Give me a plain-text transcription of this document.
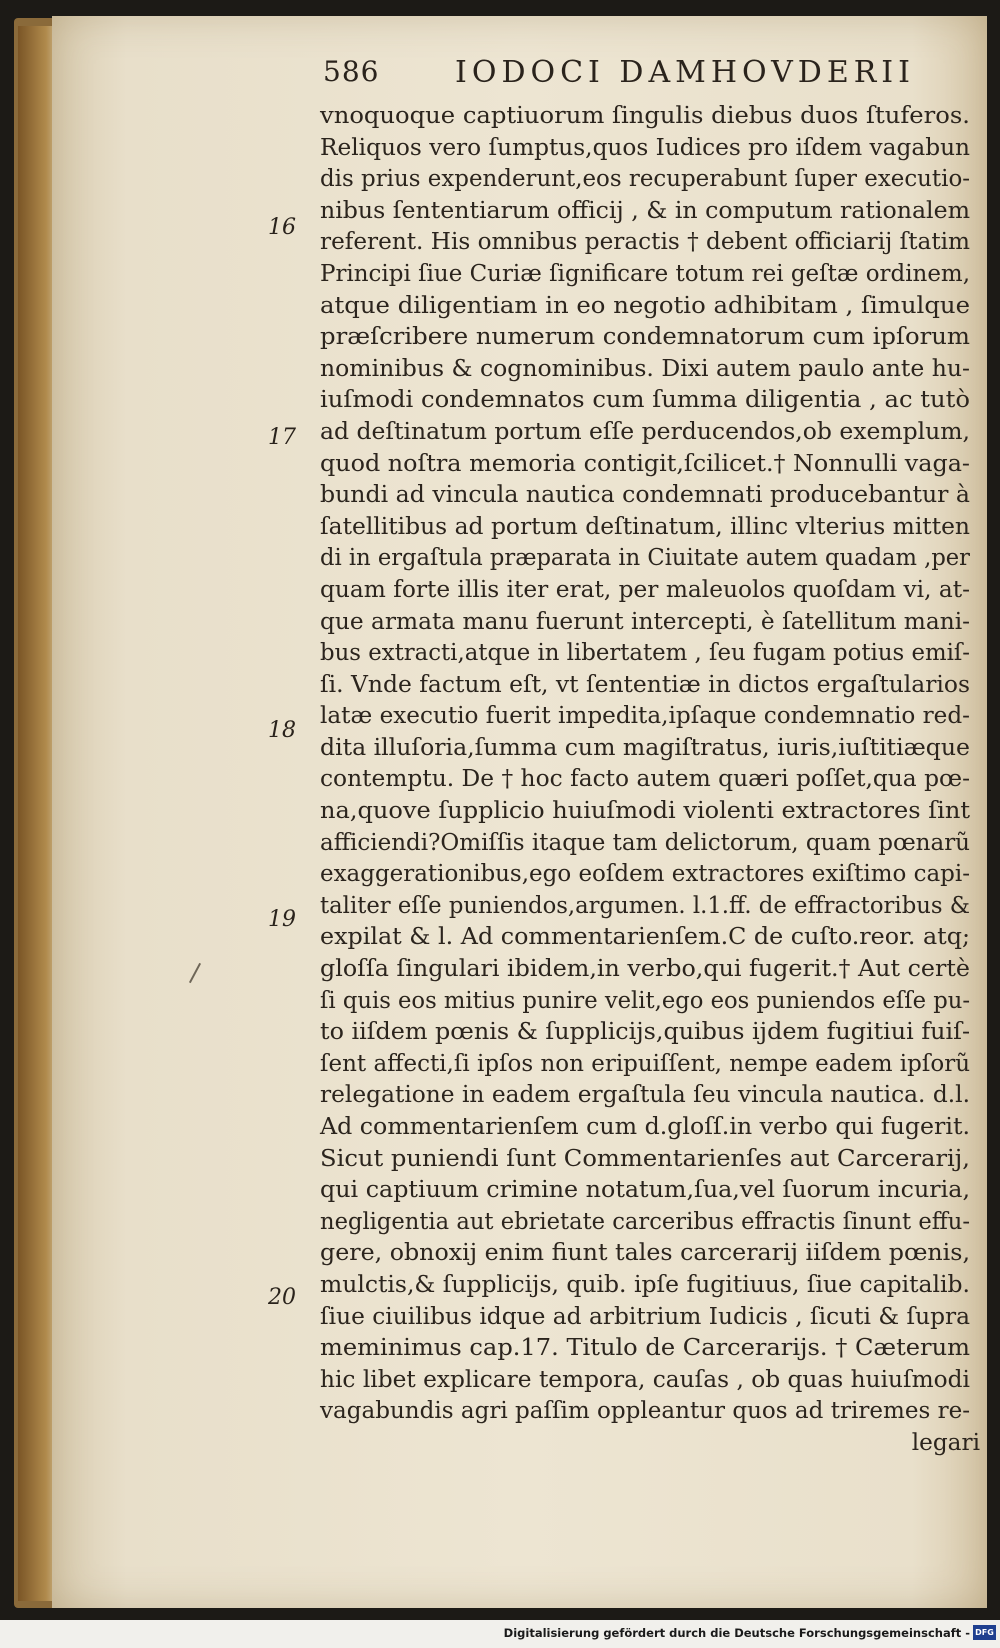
586	IODOCI DAMHOVDERII
16
17
18
19
20
vnoquoque captiuorum ſingulis diebus duos ſtuferos.
Reliquos vero ſumptus,quos Iudices pro iſdem vagabun
dis prius expenderunt,eos recuperabunt ſuper executio-
nibus ſententiarum officij , & in computum rationalem
referent. His omnibus peractis † debent officiarij ſtatim
Principi ſiue Curiæ ſignificare totum rei geſtæ ordinem,
atque diligentiam in eo negotio adhibitam , ſimulque
præſcribere numerum condemnatorum cum ipſorum
nominibus & cognominibus. Dixi autem paulo ante hu-
iuſmodi condemnatos cum ſumma diligentia , ac tutò
ad deſtinatum portum eſſe perducendos,ob exemplum,
quod noſtra memoria contigit,ſcilicet.† Nonnulli vaga-
bundi ad vincula nautica condemnati producebantur à
ſatellitibus ad portum deſtinatum, illinc vlterius mitten
di in ergaſtula præparata in Ciuitate autem quadam ,per
quam forte illis iter erat, per maleuolos quoſdam vi, at-
que armata manu fuerunt intercepti, è ſatellitum mani-
bus extracti,atque in libertatem , ſeu fugam potius emiſ-
ſi. Vnde factum eſt, vt ſententiæ in dictos ergaſtularios
latæ executio fuerit impedita,ipſaque condemnatio red-
dita illuſoria,ſumma cum magiſtratus, iuris,iuſtitiæque
contemptu. De † hoc facto autem quæri poſſet,qua pœ-
na,quove ſupplicio huiuſmodi violenti extractores ſint
afficiendi?Omiſſis itaque tam delictorum, quam pœnarũ
exaggerationibus,ego eoſdem extractores exiſtimo capi-
taliter eſſe puniendos,argumen. l.1.ff. de effractoribus &
expilat & l. Ad commentarienſem.C de cuſto.reor. atq;
gloſſa ſingulari ibidem,in verbo,qui fugerit.† Aut certè
ſi quis eos mitius punire velit,ego eos puniendos eſſe pu-
to iiſdem pœnis & ſupplicijs,quibus ijdem fugitiui fuiſ-
ſent affecti,ſi ipſos non eripuiſſent, nempe eadem ipſorũ
relegatione in eadem ergaſtula ſeu vincula nautica. d.l.
Ad commentarienſem cum d.gloſſ.in verbo qui fugerit.
Sicut puniendi ſunt Commentarienſes aut Carcerarij,
qui captiuum crimine notatum,ſua,vel ſuorum incuria,
negligentia aut ebrietate carceribus effractis ſinunt effu-
gere, obnoxij enim fiunt tales carcerarij iiſdem pœnis,
mulctis,& ſupplicijs, quib. ipſe fugitiuus, ſiue capitalib.
ſiue ciuilibus idque ad arbitrium Iudicis , ſicuti & ſupra
meminimus cap.17. Titulo de Carcerarijs. † Cæterum
hic libet explicare tempora, cauſas , ob quas huiuſmodi
vagabundis agri paſſim oppleantur quos ad triremes re-
legari
Digitalisierung gefördert durch die Deutsche Forschungsgemeinschaft - DFG
